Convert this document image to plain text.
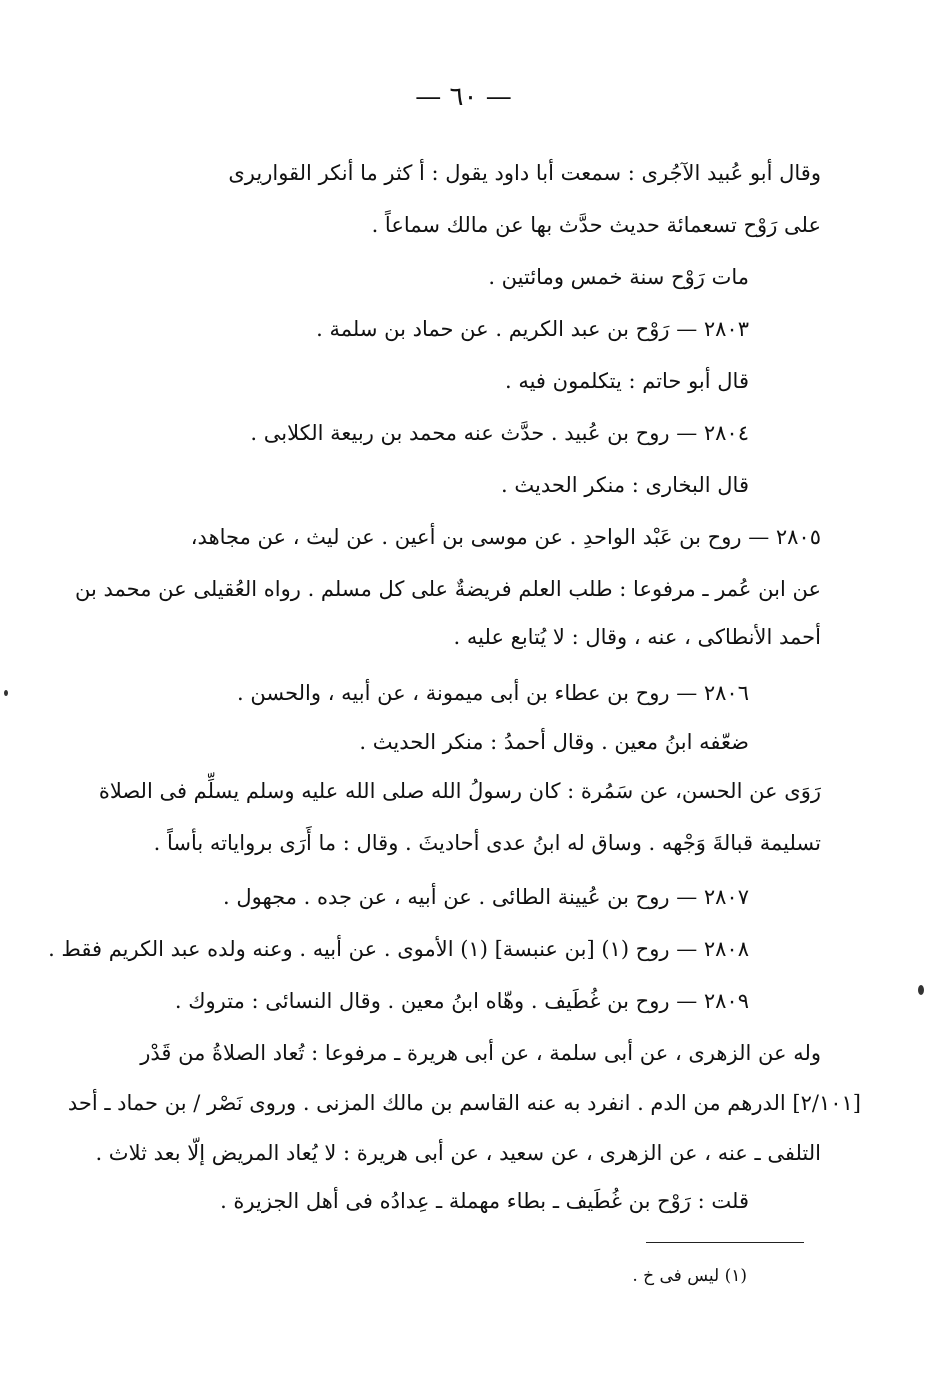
— ٦٠ —
وقال أبو عُبيد الآجُرى : سمعت أبا داود يقول : أ كثر ما أنكر القواريرى
على رَوْح تسعمائة حديث حدَّث بها عن مالك سماعاً .
مات رَوْح سنة خمس ومائتين .
٢٨٠٣ — رَوْح بن عبد الكريم . عن حماد بن سلمة .
قال أبو حاتم : يتكلمون فيه .
٢٨٠٤ — روح بن عُبيد . حدَّث عنه محمد بن ربيعة الكلابى .
قال البخارى : منكر الحديث .
٢٨٠٥ — روح بن عَبْد الواحدِ . عن موسى بن أعين . عن ليث ، عن مجاهد،
عن ابن عُمر ـ مرفوعا : طلب العلم فريضةٌ على كل مسلم . رواه العُقيلى عن محمد بن
أحمد الأنطاكى ، عنه ، وقال : لا يُتابع عليه .
٢٨٠٦ — روح بن عطاء بن أبى ميمونة ، عن أبيه ، والحسن .
ضعّفه ابنُ معين . وقال أحمدُ : منكر الحديث .
رَوَى عن الحسن، عن سَمُرة : كان رسولُ الله صلى الله عليه وسلم يسلِّم فى الصلاة
تسليمة قبالةَ وَجْهه . وساق له ابنُ عدى أحاديثَ . وقال : ما أَرَى برواياته بأساً .
٢٨٠٧ — روح بن عُيينة الطائى . عن أبيه ، عن جده . مجهول .
٢٨٠٨ — روح (١) [بن عنبسة] (١) الأموى . عن أبيه . وعنه ولده عبد الكريم فقط .
٢٨٠٩ — روح بن غُطَيف . وهّاه ابنُ معين . وقال النسائى : متروك .
وله عن الزهرى ، عن أبى سلمة ، عن أبى هريرة ـ مرفوعا : تُعاد الصلاةُ من قَدْر
[٢/١٠١] الدرهم من الدم . انفرد به عنه القاسم بن مالك المزنى . وروى نَصْر / بن حماد ـ أحد
التلفى ـ عنه ، عن الزهرى ، عن سعيد ، عن أبى هريرة : لا يُعاد المريض إلّا بعد ثلاث .
قلت : رَوْح بن غُطَيف ـ بطاء مهملة ـ عِدادُه فى أهل الجزيرة .
(١) ليس فى خ .
